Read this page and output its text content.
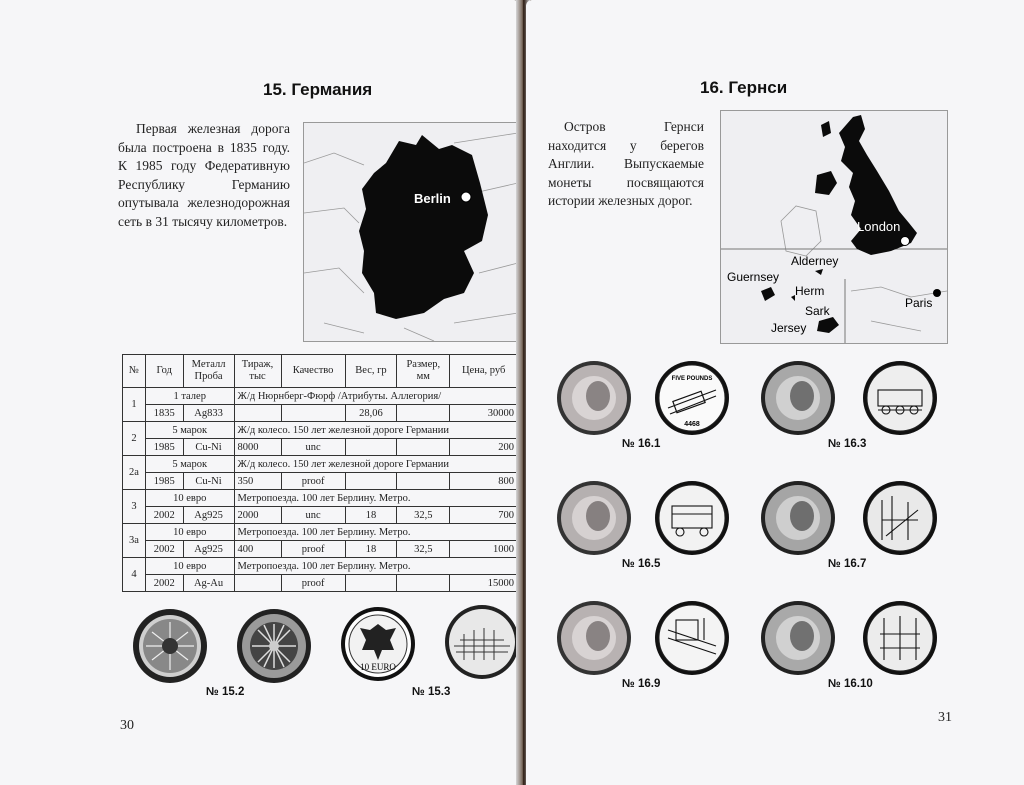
15. Германия
Первая железная дорога была построена в 1835 году. К 1985 году Федеративную Республику Германию опутывала железнодорожная сеть в 31 тысячу километров.
Berlin
№	Год	Металл Проба	Тираж, тыс	Качество	Вес, гр	Размер, мм	Цена, руб
1	1 талер		Ж/д Нюрнберг-Фюрф /Атрибуты. Аллегория/				
	1835	Ag833			28,06		30000
2	5 марок		Ж/д колесо. 150 лет железной дороге Германии				
	1985	Cu-Ni	8000	unc			200
2a	5 марок		Ж/д колесо. 150 лет железной дороге Германии				
	1985	Cu-Ni	350	proof			800
3	10 евро		Метропоезда. 100 лет Берлину. Метро.				
	2002	Ag925	2000	unc	18	32,5	700
3a	10 евро		Метропоезда. 100 лет Берлину. Метро.				
	2002	Ag925	400	proof	18	32,5	1000
4	10 евро		Метропоезда. 100 лет Берлину. Метро.				
	2002	Ag-Au		proof			15000
10 EURO
№ 15.2	№ 15.3
30
16. Гернси
Остров Гернси находится у берегов Англии. Выпускаемые монеты посвящаются истории железных дорог.
London
Alderney
Guernsey
Herm
Sark
Jersey
Paris
FIVE POUNDS
4468
№ 16.1	№ 16.3
№ 16.5	№ 16.7
№ 16.9	№ 16.10
31
